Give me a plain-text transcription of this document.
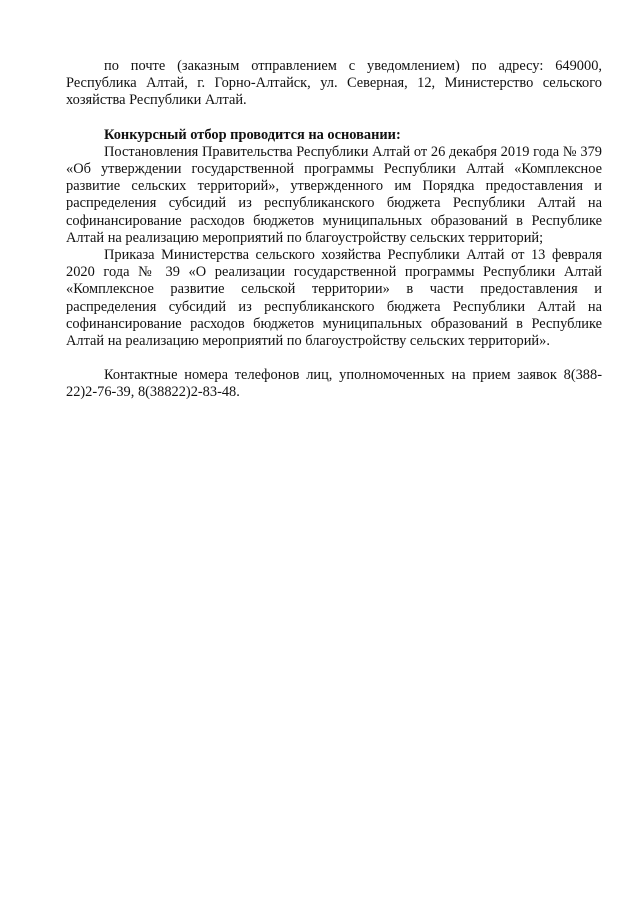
по почте (заказным отправлением с уведомлением) по адресу: 649000, Республика Алтай, г. Горно-Алтайск, ул. Северная, 12, Министерство сельского хозяйства Республики Алтай.

Конкурсный отбор проводится на основании:

Постановления Правительства Республики Алтай от 26 декабря 2019 года № 379 «Об утверждении государственной программы Республики Алтай «Комплексное развитие сельских территорий», утвержденного им Порядка предоставления и распределения субсидий из республиканского бюджета Республики Алтай на софинансирование расходов бюджетов муниципальных образований в Республике Алтай на реализацию мероприятий по благоустройству сельских территорий;

Приказа Министерства сельского хозяйства Республики Алтай от 13 февраля 2020 года № 39 «О реализации государственной программы Республики Алтай «Комплексное развитие сельской территории» в части предоставления и распределения субсидий из республиканского бюджета Республики Алтай на софинансирование расходов бюджетов муниципальных образований в Республике Алтай на реализацию мероприятий по благоустройству сельских территорий».

Контактные номера телефонов лиц, уполномоченных на прием заявок 8(388-22)2-76-39, 8(38822)2-83-48.
